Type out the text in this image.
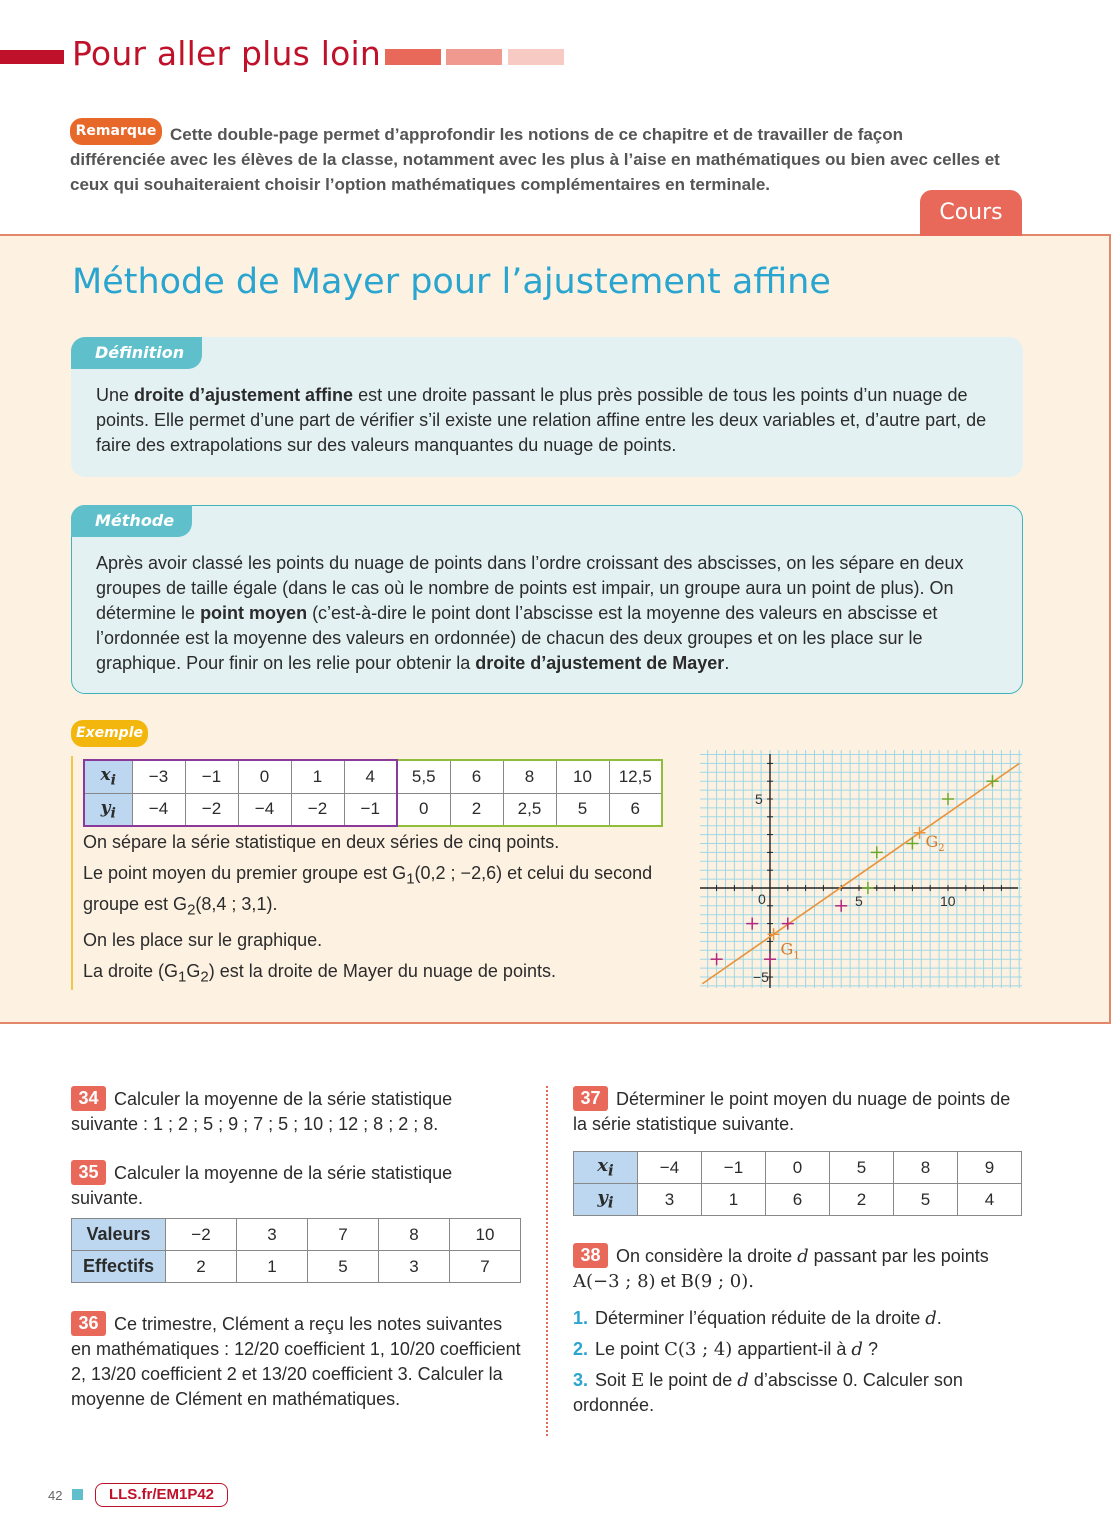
Pour aller plus loin
Cette double-page permet d’approfondir les notions de ce chapitre et de travailler de façon différenciée avec les élèves de la classe, notamment avec les plus à l’aise en mathématiques ou bien avec celles et ceux qui souhaiteraient choisir l’option mathématiques complémentaires en terminale.
Remarque
Cours
Méthode de Mayer pour l’ajustement affine
Définition
Une droite d’ajustement affine est une droite passant le plus près possible de tous les points d’un nuage de points. Elle permet d’une part de vérifier s’il existe une relation affine entre les deux variables et, d’autre part, de faire des extrapolations sur des valeurs manquantes du nuage de points.
Méthode
Après avoir classé les points du nuage de points dans l’ordre croissant des abscisses, on les sépare en deux groupes de taille égale (dans le cas où le nombre de points est impair, un groupe aura un point de plus). On détermine le point moyen (c’est-à-dire le point dont l’abscisse est la moyenne des valeurs en abscisse et l’ordonnée est la moyenne des valeurs en ordonnée) de chacun des deux groupes et on les place sur le graphique. Pour finir on les relie pour obtenir la droite d’ajustement de Mayer.
Exemple
$x_i$	−3	−1	0	1	4	5,5	6	8	10	12,5
$y_i$	−4	−2	−4	−2	−1	0	2	2,5	5	6
On sépare la série statistique en deux séries de cinq points.
Le point moyen du premier groupe est $G_1(0,2$ ; −2,6) et celui du second groupe est $G_2(8,4$ ; 3,1).
On les place sur le graphique.
La droite $(G_1G_2)$ est la droite de Mayer du nuage de points.
0	5	10
5
−5
$G_1$
$G_2$
34 Calculer la moyenne de la série statistique suivante : 1 ; 2 ; 5 ; 9 ; 7 ; 5 ; 10 ; 12 ; 8 ; 2 ; 8.
35 Calculer la moyenne de la série statistique suivante.
Valeurs	−2	3	7	8	10
Effectifs	2	1	5	3	7
36 Ce trimestre, Clément a reçu les notes suivantes en mathématiques : 12/20 coefficient 1, 10/20 coefficient 2, 13/20 coefficient 2 et 13/20 coefficient 3. Calculer la moyenne de Clément en mathématiques.
37 Déterminer le point moyen du nuage de points de la série statistique suivante.
$x_i$	−4	−1	0	5	8	9
$y_i$	3	1	6	2	5	4
38 On considère la droite d passant par les points A(−3 ; 8) et B(9 ; 0).
1. Déterminer l’équation réduite de la droite d.
2. Le point C(3 ; 4) appartient-il à d ?
3. Soit E le point de d d’abscisse 0. Calculer son ordonnée.
42	LLS.fr/EM1P42
